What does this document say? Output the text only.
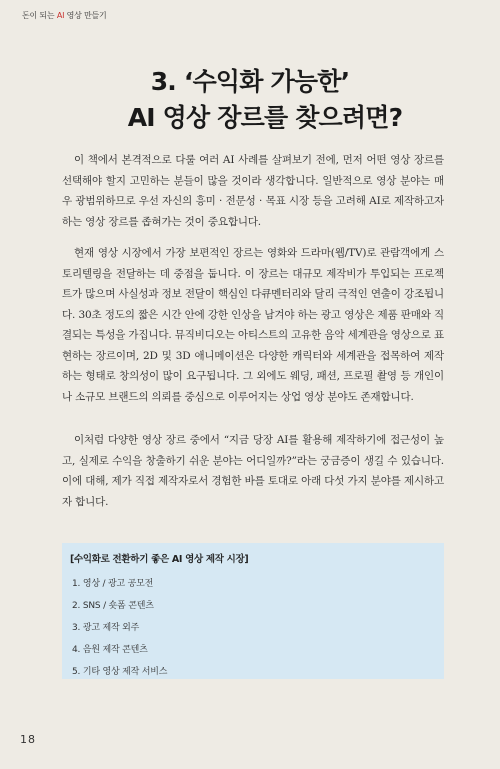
돈이 되는 AI 영상 만들기
3. ‘수익화 가능한’
AI 영상 장르를 찾으려면?

이 책에서 본격적으로 다룰 여러 AI 사례를 살펴보기 전에, 먼저 어떤 영상 장르를 선택해야 할지 고민하는 분들이 많을 것이라 생각합니다. 일반적으로 영상 분야는 매우 광범위하므로 우선 자신의 흥미 · 전문성 · 목표 시장 등을 고려해 AI로 제작하고자 하는 영상 장르를 좁혀가는 것이 중요합니다.

현재 영상 시장에서 가장 보편적인 장르는 영화와 드라마(웹/TV)로 관람객에게 스토리텔링을 전달하는 데 중점을 둡니다. 이 장르는 대규모 제작비가 투입되는 프로젝트가 많으며 사실성과 정보 전달이 핵심인 다큐멘터리와 달리 극적인 연출이 강조됩니다. 30초 정도의 짧은 시간 안에 강한 인상을 남겨야 하는 광고 영상은 제품 판매와 직결되는 특성을 가집니다. 뮤직비디오는 아티스트의 고유한 음악 세계관을 영상으로 표현하는 장르이며, 2D 및 3D 애니메이션은 다양한 캐릭터와 세계관을 접목하여 제작하는 형태로 창의성이 많이 요구됩니다. 그 외에도 웨딩, 패션, 프로필 촬영 등 개인이나 소규모 브랜드의 의뢰를 중심으로 이루어지는 상업 영상 분야도 존재합니다.

이처럼 다양한 영상 장르 중에서 “지금 당장 AI를 활용해 제작하기에 접근성이 높고, 실제로 수익을 창출하기 쉬운 분야는 어디일까?”라는 궁금증이 생길 수 있습니다. 이에 대해, 제가 직접 제작자로서 경험한 바를 토대로 아래 다섯 가지 분야를 제시하고자 합니다.

[수익화로 전환하기 좋은 AI 영상 제작 시장]
1. 영상 / 광고 공모전
2. SNS / 숏폼 콘텐츠
3. 광고 제작 외주
4. 음원 제작 콘텐츠
5. 기타 영상 제작 서비스
18
